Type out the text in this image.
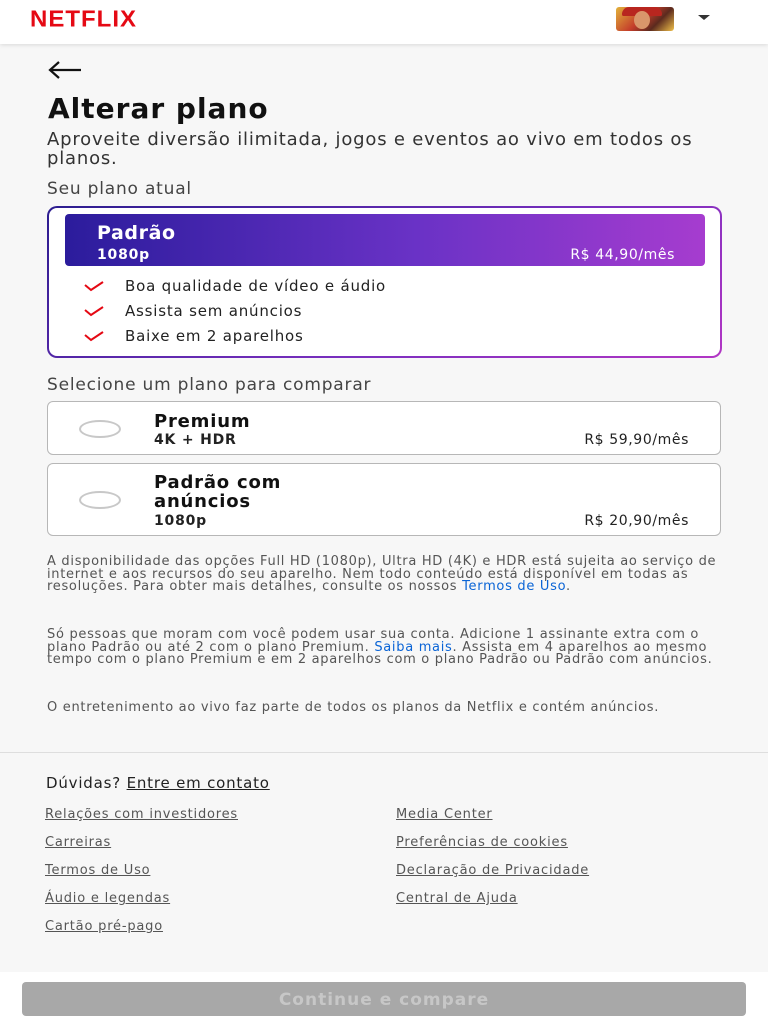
NETFLIX
Alterar plano

Aproveite diversão ilimitada, jogos e eventos ao vivo em todos os planos.

Seu plano atual
Padrão
1080p	R$ 44,90/mês
Boa qualidade de vídeo e áudio
Assista sem anúncios
Baixe em 2 aparelhos
Selecione um plano para comparar
Premium
4K + HDR	R$ 59,90/mês
Padrão com anúncios
1080p	R$ 20,90/mês

A disponibilidade das opções Full HD (1080p), Ultra HD (4K) e HDR está sujeita ao serviço de internet e aos recursos do seu aparelho. Nem todo conteúdo está disponível em todas as resoluções. Para obter mais detalhes, consulte os nossos Termos de Uso.

Só pessoas que moram com você podem usar sua conta. Adicione 1 assinante extra com o plano Padrão ou até 2 com o plano Premium. Saiba mais. Assista em 4 aparelhos ao mesmo tempo com o plano Premium e em 2 aparelhos com o plano Padrão ou Padrão com anúncios.

O entretenimento ao vivo faz parte de todos os planos da Netflix e contém anúncios.

Dúvidas? Entre em contato
Relações com investidores
Carreiras
Termos de Uso
Áudio e legendas
Cartão pré-pago
Media Center
Preferências de cookies
Declaração de Privacidade
Central de Ajuda
Continue e compare
